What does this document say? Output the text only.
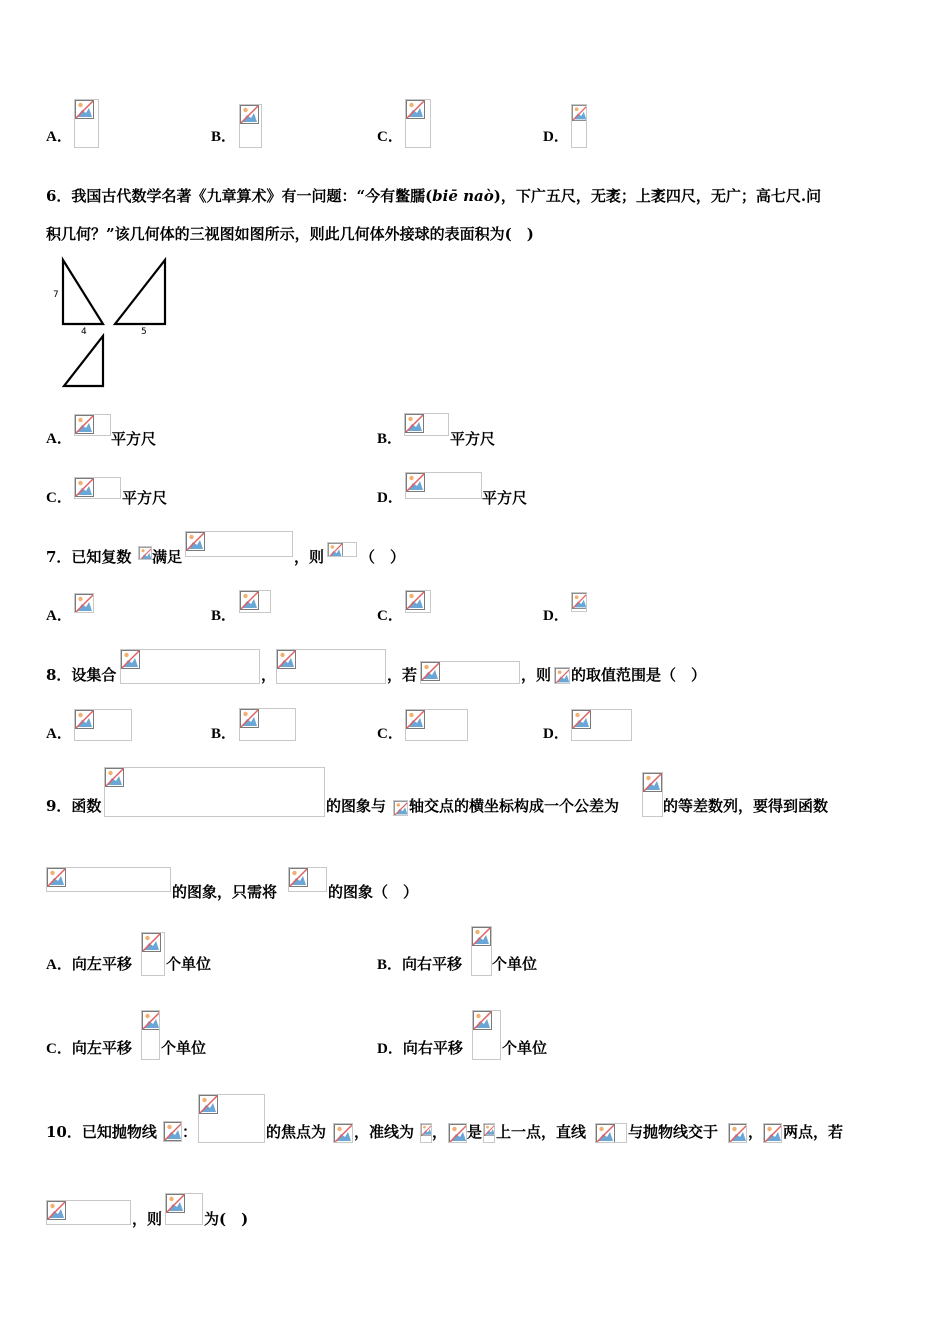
A．	B．	C．	D．
6．我国古代数学名著《九章算术》有一问题：“今有鳖臑(biē naò)，下广五尺，无袤；上袤四尺，无广；高七尺.问
积几何？”该几何体的三视图如图所示，则此几何体外接球的表面积为(　)
7
4	5
A．	平方尺	B．	平方尺
C．	平方尺	D．	平方尺
7．已知复数 满足	，则 （　）
A．	B．	C．	D．
8．设集合	，	，若	，则 的取值范围是（　）
A．	B．	C．	D．
9．函数	的图象与 轴交点的横坐标构成一个公差为	的等差数列，要得到函数
的图象，只需将	的图象（　）
A．向左平移 个单位	B．向右平移 个单位
C．向左平移 个单位	D．向右平移	个单位
10．已知抛物线 ：	的焦点为 ，准线为 ， 是 上一点，直线	与抛物线交于 ， 两点，若
，则	为(　)
